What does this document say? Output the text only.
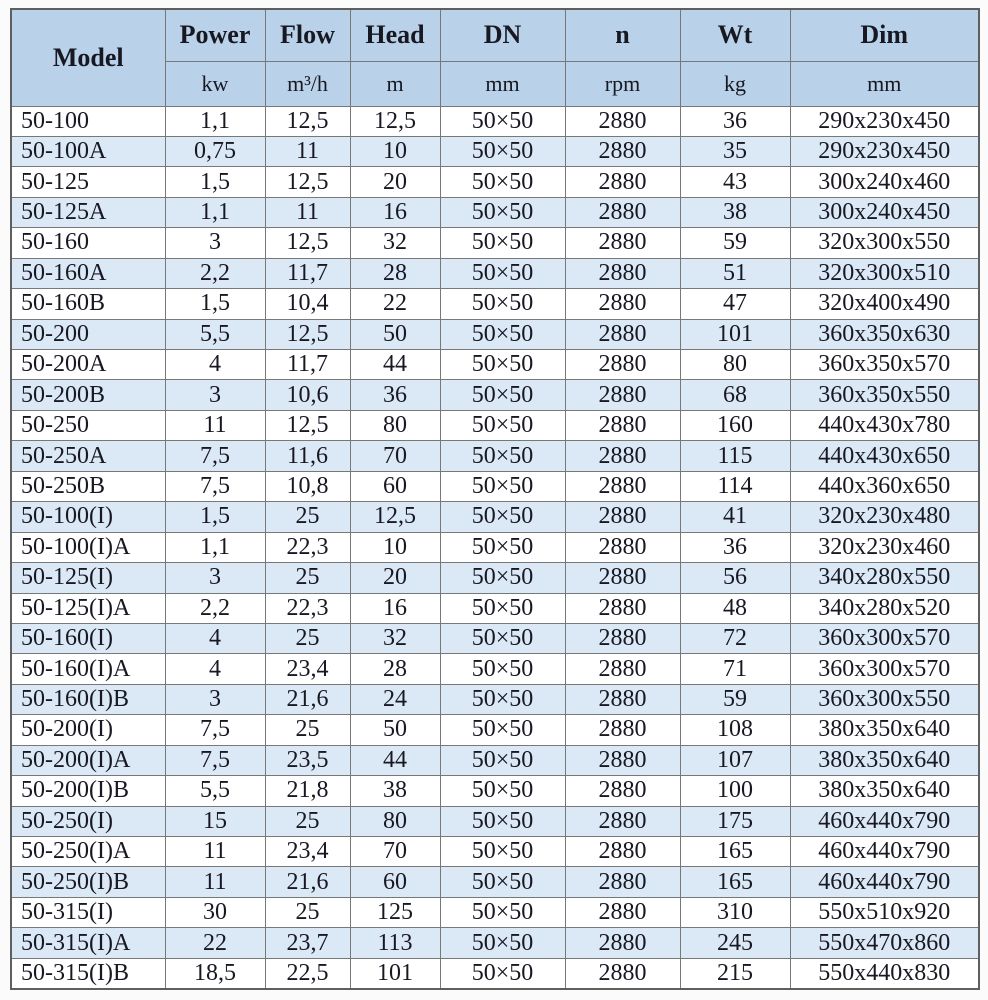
Model	Power	Flow	Head	DN	n	Wt	Dim
	kw	m³/h	m	mm	rpm	kg	mm
50-100	1,1	12,5	12,5	50×50	2880	36	290x230x450
50-100A	0,75	11	10	50×50	2880	35	290x230x450
50-125	1,5	12,5	20	50×50	2880	43	300x240x460
50-125A	1,1	11	16	50×50	2880	38	300x240x450
50-160	3	12,5	32	50×50	2880	59	320x300x550
50-160A	2,2	11,7	28	50×50	2880	51	320x300x510
50-160B	1,5	10,4	22	50×50	2880	47	320x400x490
50-200	5,5	12,5	50	50×50	2880	101	360x350x630
50-200A	4	11,7	44	50×50	2880	80	360x350x570
50-200B	3	10,6	36	50×50	2880	68	360x350x550
50-250	11	12,5	80	50×50	2880	160	440x430x780
50-250A	7,5	11,6	70	50×50	2880	115	440x430x650
50-250B	7,5	10,8	60	50×50	2880	114	440x360x650
50-100(I)	1,5	25	12,5	50×50	2880	41	320x230x480
50-100(I)A	1,1	22,3	10	50×50	2880	36	320x230x460
50-125(I)	3	25	20	50×50	2880	56	340x280x550
50-125(I)A	2,2	22,3	16	50×50	2880	48	340x280x520
50-160(I)	4	25	32	50×50	2880	72	360x300x570
50-160(I)A	4	23,4	28	50×50	2880	71	360x300x570
50-160(I)B	3	21,6	24	50×50	2880	59	360x300x550
50-200(I)	7,5	25	50	50×50	2880	108	380x350x640
50-200(I)A	7,5	23,5	44	50×50	2880	107	380x350x640
50-200(I)B	5,5	21,8	38	50×50	2880	100	380x350x640
50-250(I)	15	25	80	50×50	2880	175	460x440x790
50-250(I)A	11	23,4	70	50×50	2880	165	460x440x790
50-250(I)B	11	21,6	60	50×50	2880	165	460x440x790
50-315(I)	30	25	125	50×50	2880	310	550x510x920
50-315(I)A	22	23,7	113	50×50	2880	245	550x470x860
50-315(I)B	18,5	22,5	101	50×50	2880	215	550x440x830
